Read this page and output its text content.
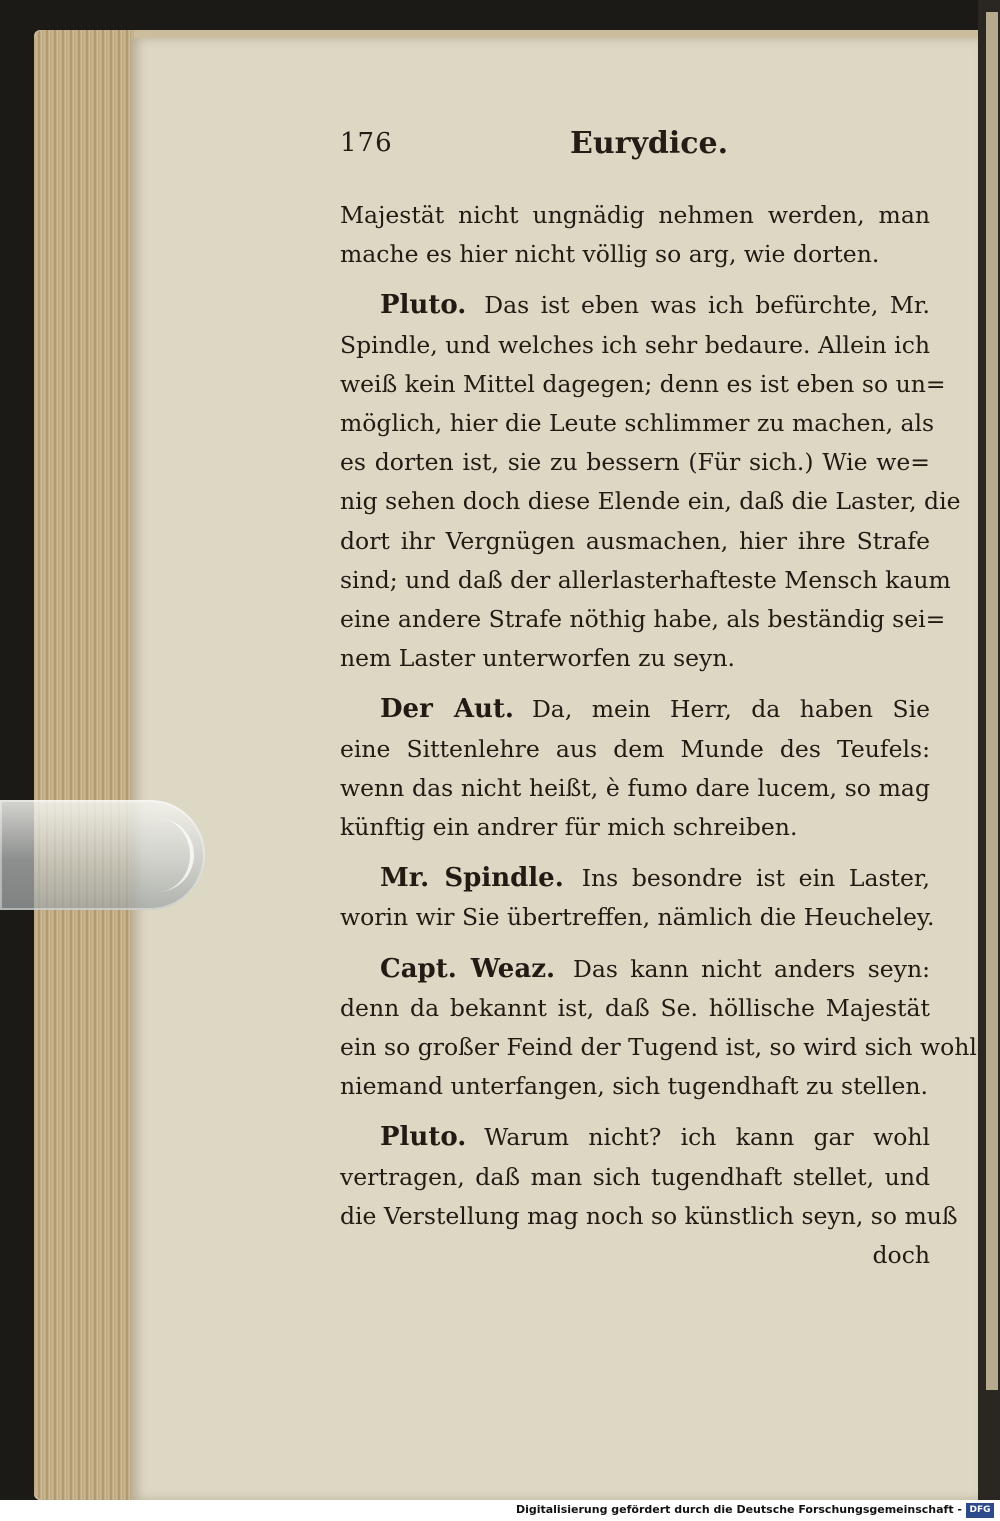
176	Eurydice.
Majestät nicht ungnädig nehmen werden, man
mache es hier nicht völlig so arg, wie dorten.
Pluto. Das ist eben was ich befürchte, Mr.
Spindle, und welches ich sehr bedaure. Allein ich
weiß kein Mittel dagegen; denn es ist eben so un=
möglich, hier die Leute schlimmer zu machen, als
es dorten ist, sie zu bessern (Für sich.) Wie we=
nig sehen doch diese Elende ein, daß die Laster, die
dort ihr Vergnügen ausmachen, hier ihre Strafe
sind; und daß der allerlasterhafteste Mensch kaum
eine andere Strafe nöthig habe, als beständig sei=
nem Laster unterworfen zu seyn.
Der Aut. Da, mein Herr, da haben Sie
eine Sittenlehre aus dem Munde des Teufels:
wenn das nicht heißt, è fumo dare lucem, so mag
künftig ein andrer für mich schreiben.
Mr. Spindle. Ins besondre ist ein Laster,
worin wir Sie übertreffen, nämlich die Heucheley.
Capt. Weaz. Das kann nicht anders seyn:
denn da bekannt ist, daß Se. höllische Majestät
ein so großer Feind der Tugend ist, so wird sich wohl
niemand unterfangen, sich tugendhaft zu stellen.
Pluto. Warum nicht? ich kann gar wohl
vertragen, daß man sich tugendhaft stellet, und
die Verstellung mag noch so künstlich seyn, so muß
doch
Digitalisierung gefördert durch die Deutsche Forschungsgemeinschaft - DFG
